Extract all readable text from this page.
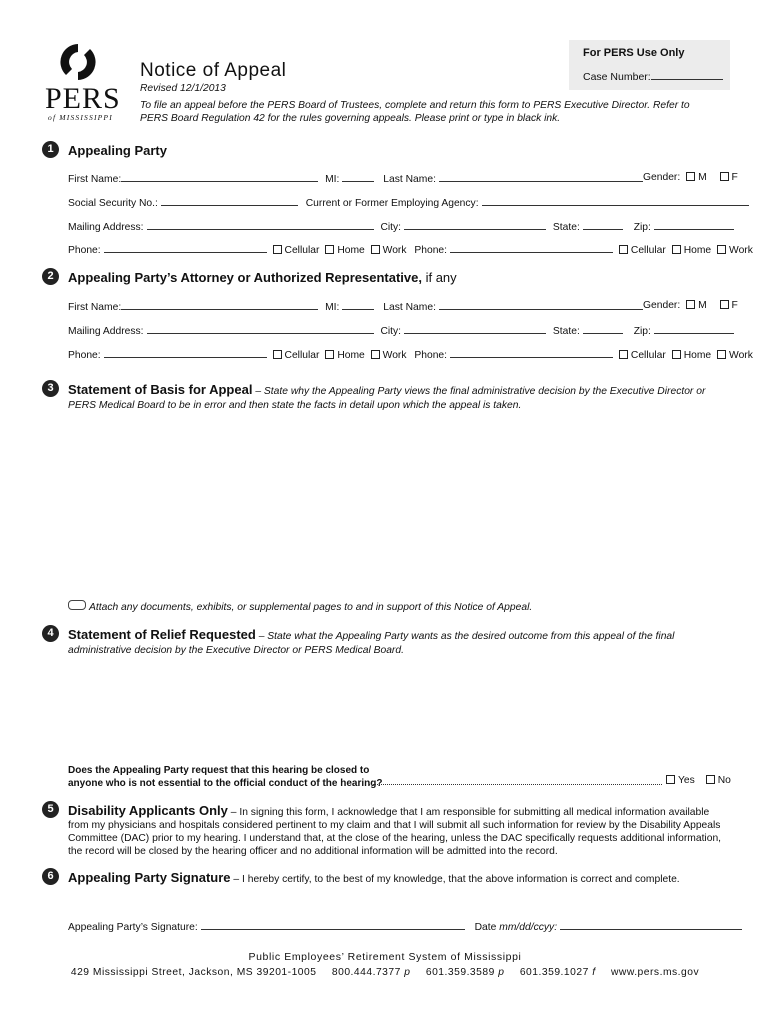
PERS
of MISSISSIPPI
For PERS Use Only
Case Number:
Notice of Appeal
Revised 12/1/2013
To file an appeal before the PERS Board of Trustees, complete and return this form to PERS Executive Director. Refer to PERS Board Regulation 42 for the rules governing appeals. Please print or type in black ink.
1	Appealing Party
First Name:	MI:	Last Name:	Gender: M F
Social Security No.:	Current or Former Employing Agency:
Mailing Address:	City:	State:	Zip:
Phone:	Cellular Home Work Phone:	Cellular Home Work
2	Appealing Party’s Attorney or Authorized Representative, if any
First Name:	MI:	Last Name:	Gender: M F
Mailing Address:	City:	State:	Zip:
Phone:	Cellular Home Work Phone:	Cellular Home Work
3	Statement of Basis for Appeal – State why the Appealing Party views the final administrative decision by the Executive Director or PERS Medical Board to be in error and then state the facts in detail upon which the appeal is taken.
Attach any documents, exhibits, or supplemental pages to and in support of this Notice of Appeal.
4	Statement of Relief Requested – State what the Appealing Party wants as the desired outcome from this appeal of the final administrative decision by the Executive Director or PERS Medical Board.
Does the Appealing Party request that this hearing be closed to
anyone who is not essential to the official conduct of the hearing?	Yes No
5	Disability Applicants Only – In signing this form, I acknowledge that I am responsible for submitting all medical information available from my physicians and hospitals considered pertinent to my claim and that I will submit all such information for review by the Disability Appeals Committee (DAC) prior to my hearing. I understand that, at the close of the hearing, unless the DAC specifically requests additional information, the record will be closed by the hearing officer and no additional information will be admitted into the record.
6	Appealing Party Signature – I hereby certify, to the best of my knowledge, that the above information is correct and complete.
Appealing Party’s Signature:	Date mm/dd/ccyy:
Public Employees’ Retirement System of Mississippi
429 Mississippi Street, Jackson, MS 39201-1005 800.444.7377 p 601.359.3589 p 601.359.1027 f www.pers.ms.gov
